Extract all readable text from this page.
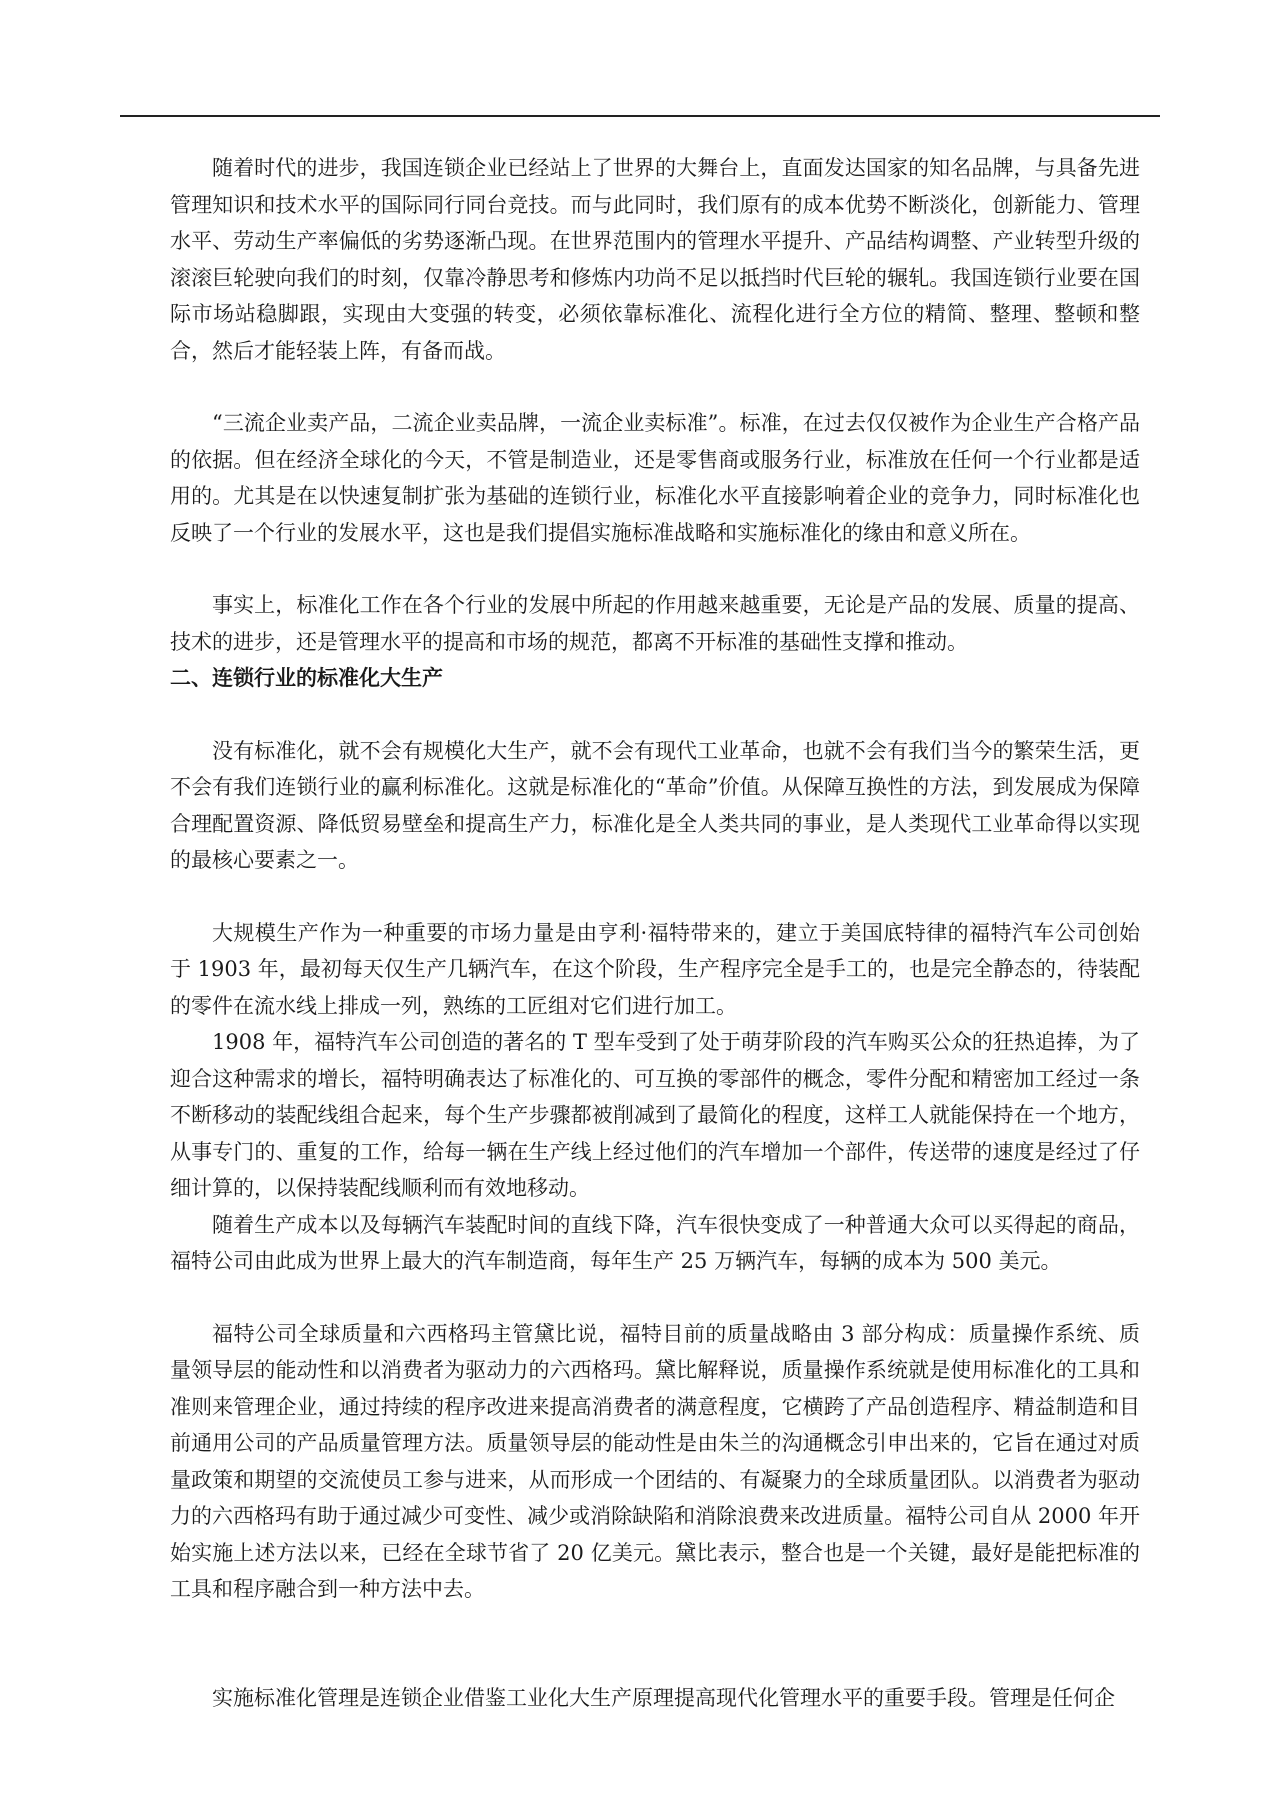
随着时代的进步，我国连锁企业已经站上了世界的大舞台上，直面发达国家的知名品牌，与具备先进管理知识和技术水平的国际同行同台竞技。而与此同时，我们原有的成本优势不断淡化，创新能力、管理水平、劳动生产率偏低的劣势逐渐凸现。在世界范围内的管理水平提升、产品结构调整、产业转型升级的滚滚巨轮驶向我们的时刻，仅靠冷静思考和修炼内功尚不足以抵挡时代巨轮的辗轧。我国连锁行业要在国际市场站稳脚跟，实现由大变强的转变，必须依靠标准化、流程化进行全方位的精简、整理、整顿和整合，然后才能轻装上阵，有备而战。

“三流企业卖产品，二流企业卖品牌，一流企业卖标准”。标准，在过去仅仅被作为企业生产合格产品的依据。但在经济全球化的今天，不管是制造业，还是零售商或服务行业，标准放在任何一个行业都是适用的。尤其是在以快速复制扩张为基础的连锁行业，标准化水平直接影响着企业的竞争力，同时标准化也反映了一个行业的发展水平，这也是我们提倡实施标准战略和实施标准化的缘由和意义所在。

事实上，标准化工作在各个行业的发展中所起的作用越来越重要，无论是产品的发展、质量的提高、技术的进步，还是管理水平的提高和市场的规范，都离不开标准的基础性支撑和推动。

二、连锁行业的标准化大生产

没有标准化，就不会有规模化大生产，就不会有现代工业革命，也就不会有我们当今的繁荣生活，更不会有我们连锁行业的赢利标准化。这就是标准化的“革命”价值。从保障互换性的方法，到发展成为保障合理配置资源、降低贸易壁垒和提高生产力，标准化是全人类共同的事业，是人类现代工业革命得以实现的最核心要素之一。

大规模生产作为一种重要的市场力量是由亨利·福特带来的，建立于美国底特律的福特汽车公司创始于 1903 年，最初每天仅生产几辆汽车，在这个阶段，生产程序完全是手工的，也是完全静态的，待装配的零件在流水线上排成一列，熟练的工匠组对它们进行加工。

1908 年，福特汽车公司创造的著名的 T 型车受到了处于萌芽阶段的汽车购买公众的狂热追捧，为了迎合这种需求的增长，福特明确表达了标准化的、可互换的零部件的概念，零件分配和精密加工经过一条不断移动的装配线组合起来，每个生产步骤都被削减到了最简化的程度，这样工人就能保持在一个地方，从事专门的、重复的工作，给每一辆在生产线上经过他们的汽车增加一个部件，传送带的速度是经过了仔细计算的，以保持装配线顺利而有效地移动。

随着生产成本以及每辆汽车装配时间的直线下降，汽车很快变成了一种普通大众可以买得起的商品，福特公司由此成为世界上最大的汽车制造商，每年生产 25 万辆汽车，每辆的成本为 500 美元。

福特公司全球质量和六西格玛主管黛比说，福特目前的质量战略由 3 部分构成：质量操作系统、质量领导层的能动性和以消费者为驱动力的六西格玛。黛比解释说，质量操作系统就是使用标准化的工具和准则来管理企业，通过持续的程序改进来提高消费者的满意程度，它横跨了产品创造程序、精益制造和目前通用公司的产品质量管理方法。质量领导层的能动性是由朱兰的沟通概念引申出来的，它旨在通过对质量政策和期望的交流使员工参与进来，从而形成一个团结的、有凝聚力的全球质量团队。以消费者为驱动力的六西格玛有助于通过减少可变性、减少或消除缺陷和消除浪费来改进质量。福特公司自从 2000 年开始实施上述方法以来，已经在全球节省了 20 亿美元。黛比表示，整合也是一个关键，最好是能把标准的工具和程序融合到一种方法中去。

实施标准化管理是连锁企业借鉴工业化大生产原理提高现代化管理水平的重要手段。管理是任何企
